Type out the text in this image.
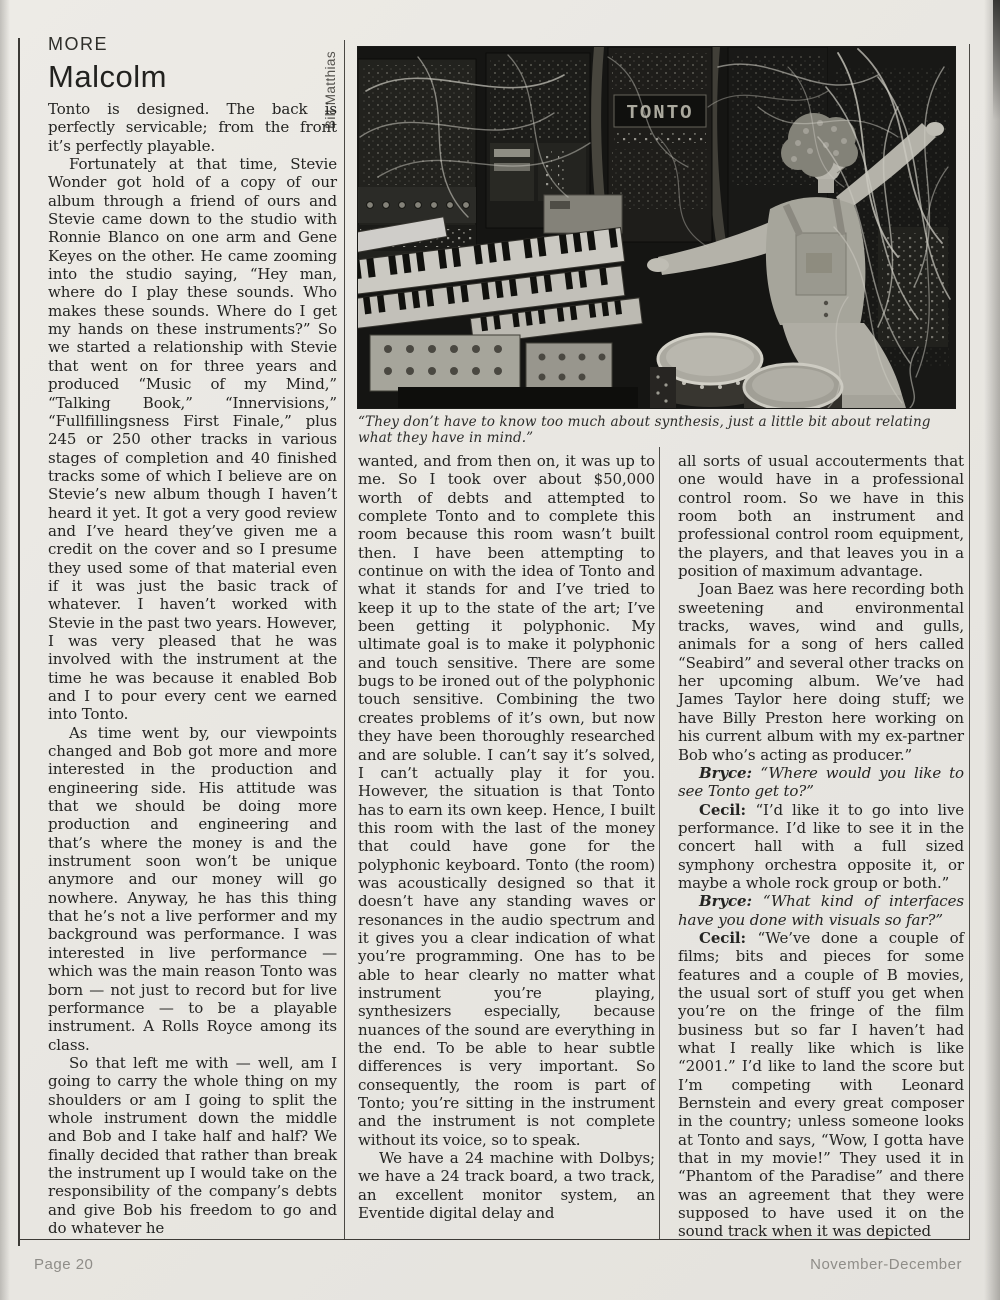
MORE
Malcolm
TONTO
Bill Matthias
“They don’t have to know too much about synthesis, just a little bit about relating what they have in mind.”

Tonto is designed. The back is perfectly servicable; from the front it’s perfectly playable.

Fortunately at that time, Stevie Wonder got hold of a copy of our album through a friend of ours and Stevie came down to the studio with Ronnie Blanco on one arm and Gene Keyes on the other. He came zooming into the studio saying, “Hey man, where do I play these sounds. Who makes these sounds. Where do I get my hands on these instruments?” So we started a relationship with Stevie that went on for three years and produced “Music of my Mind,” “Talking Book,” “Innervisions,” “Fullfillingsness First Finale,” plus 245 or 250 other tracks in various stages of completion and 40 finished tracks some of which I believe are on Stevie’s new album though I haven’t heard it yet. It got a very good review and I’ve heard they’ve given me a credit on the cover and so I presume they used some of that material even if it was just the basic track of whatever. I haven’t worked with Stevie in the past two years. However, I was very pleased that he was involved with the instrument at the time he was because it enabled Bob and I to pour every cent we earned into Tonto.

As time went by, our viewpoints changed and Bob got more and more interested in the production and engineering side. His attitude was that we should be doing more production and engineering and that’s where the money is and the instrument soon won’t be unique anymore and our money will go nowhere. Anyway, he has this thing that he’s not a live performer and my background was performance. I was interested in live performance — which was the main reason Tonto was born — not just to record but for live performance — to be a playable instrument. A Rolls Royce among its class.

So that left me with — well, am I going to carry the whole thing on my shoulders or am I going to split the whole instrument down the middle and Bob and I take half and half? We finally decided that rather than break the instrument up I would take on the responsibility of the company’s debts and give Bob his freedom to go and do whatever he

wanted, and from then on, it was up to me. So I took over about $50,000 worth of debts and attempted to complete Tonto and to complete this room because this room wasn’t built then. I have been attempting to continue on with the idea of Tonto and what it stands for and I’ve tried to keep it up to the state of the art; I’ve been getting it polyphonic. My ultimate goal is to make it polyphonic and touch sensitive. There are some bugs to be ironed out of the polyphonic touch sensitive. Combining the two creates problems of it’s own, but now they have been thoroughly researched and are soluble. I can’t say it’s solved, I can’t actually play it for you. However, the situation is that Tonto has to earn its own keep. Hence, I built this room with the last of the money that could have gone for the polyphonic keyboard. Tonto (the room) was acoustically designed so that it doesn’t have any standing waves or resonances in the audio spectrum and it gives you a clear indication of what you’re programming. One has to be able to hear clearly no matter what instrument you’re playing, synthesizers especially, because nuances of the sound are everything in the end. To be able to hear subtle differences is very important. So consequently, the room is part of Tonto; you’re sitting in the instrument and the instrument is not complete without its voice, so to speak.

We have a 24 machine with Dolbys; we have a 24 track board, a two track, an excellent monitor system, an Eventide digital delay and

all sorts of usual accouterments that one would have in a professional control room. So we have in this room both an instrument and professional control room equipment, the players, and that leaves you in a position of maximum advantage.

Joan Baez was here recording both sweetening and environmental tracks, waves, wind and gulls, animals for a song of hers called “Seabird” and several other tracks on her upcoming album. We’ve had James Taylor here doing stuff; we have Billy Preston here working on his current album with my ex-partner Bob who’s acting as producer.”

Bryce: “Where would you like to see Tonto get to?”

Cecil: “I’d like it to go into live performance. I’d like to see it in the concert hall with a full sized symphony orchestra opposite it, or maybe a whole rock group or both.”

Bryce: “What kind of interfaces have you done with visuals so far?”

Cecil: “We’ve done a couple of films; bits and pieces for some features and a couple of B movies, the usual sort of stuff you get when you’re on the fringe of the film business but so far I haven’t had what I really like which is like “2001.” I’d like to land the score but I’m competing with Leonard Bernstein and every great composer in the country; unless someone looks at Tonto and says, “Wow, I gotta have that in my movie!” They used it in “Phantom of the Paradise” and there was an agreement that they were supposed to have used it on the sound track when it was depicted

Page 20	November-December
